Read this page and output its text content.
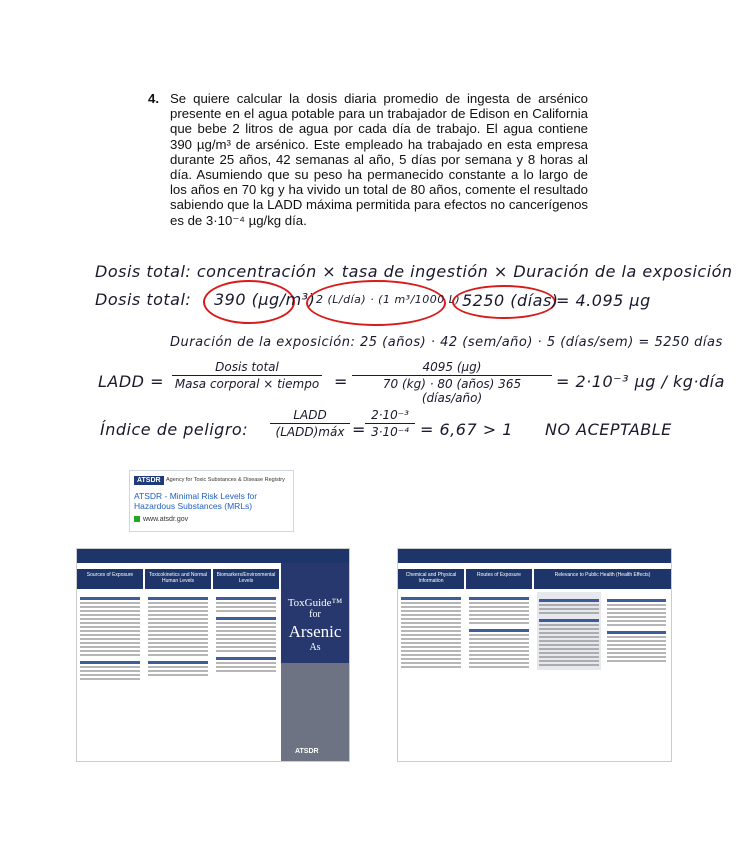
4. Se quiere calcular la dosis diaria promedio de ingesta de arsénico presente en el agua potable para un trabajador de Edison en California que bebe 2 litros de agua por cada día de trabajo. El agua contiene 390 µg/m³ de arsénico. Este empleado ha trabajado en esta empresa durante 25 años, 42 semanas al año, 5 días por semana y 8 horas al día. Asumiendo que su peso ha permanecido constante a lo largo de los años en 70 kg y ha vivido un total de 80 años, comente el resultado sabiendo que la LADD máxima permitida para efectos no cancerígenos es de 3·10⁻⁴ µg/kg día.
Dosis total: concentración × tasa de ingestión × Duración de la exposición
Dosis total: 390 (µg/m³) 2 (L/día) · (1 m³/1000 L) 5250 (días)
= 4.095 µg
Duración de la exposición: 25 (años) · 42 (sem/año) · 5 (días/sem) = 5250 días
LADD =
Dosis total
Masa corporal × tiempo =
4095 (µg)
70 (kg) · 80 (años) 365 (días/año)
= 2·10⁻³ µg / kg·día
Índice de peligro:
LADD
(LADD)máx =
2·10⁻³
3·10⁻⁴ = 6,67 > 1 NO ACEPTABLE
ATSDR Agency for Toxic Substances & Disease Registry
ATSDR - Minimal Risk Levels for Hazardous Substances (MRLs)
www.atsdr.gov
Sources of Exposure	Toxicokinetics and Normal Human Levels
Biomarkers/Environmental Levels
ToxGuide™
for
Arsenic
As
ATSDR
Chemical and Physical Information
Routes of Exposure	Relevance to Public Health (Health Effects)
